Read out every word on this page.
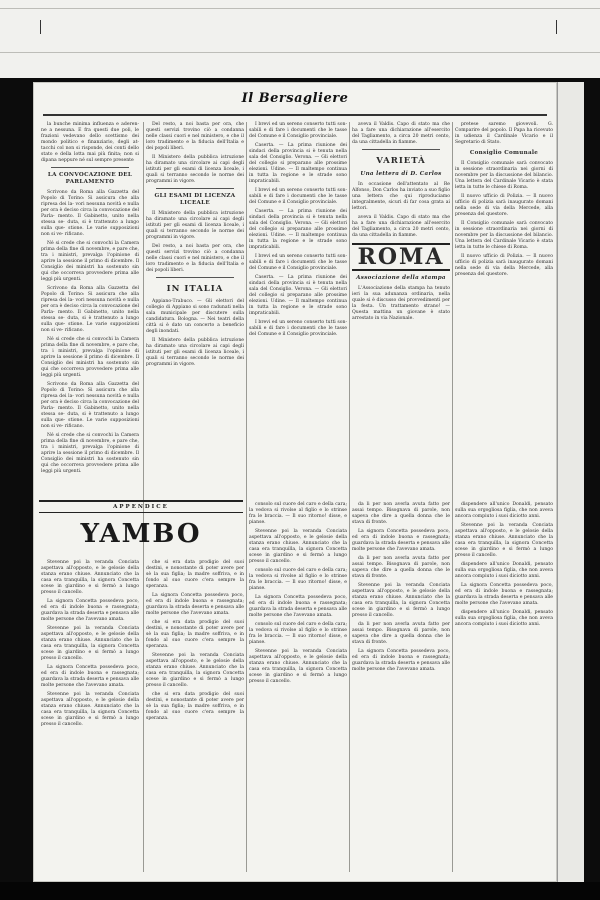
Il Bersagliere

la bunche minima influenza e aderen- ne a nessuna. E fra questi due poli, le frazioni vedevano dello scettismo dei mondo politico e finanziario, degli at- tacchi col non si risponde, dei conti dello stato e della lotta mai più finita; non si dipana neppure né sul sempre presente

LA CONVOCAZIONE DEL PARLAMENTO

Scrivono da Roma alla Gazzetta del Popolo di Torino: Si assicura che alla ripresa dei la- vori nessuna novità e nulla per ora è deciso circa la convocazione del Parla- mento. Il Gabinetto, unito nella stessa se- duta, si è trattenuto a lungo sulla que- stione. Le varie supposizioni non si ve- rificano.

Né si crede che si convochi la Camera prima della fine di novembre, e pare che, tra i ministri, prevalga l'opinione di aprire la sessione il primo di dicembre. Il Consiglio dei ministri ha sostenuto sin qui che occorreva provvedere prima alle leggi più urgenti.

Scrivono da Roma alla Gazzetta del Popolo di Torino: Si assicura che alla ripresa dei la- vori nessuna novità e nulla per ora è deciso circa la convocazione del Parla- mento. Il Gabinetto, unito nella stessa se- duta, si è trattenuto a lungo sulla que- stione. Le varie supposizioni non si ve- rificano.

Né si crede che si convochi la Camera prima della fine di novembre, e pare che, tra i ministri, prevalga l'opinione di aprire la sessione il primo di dicembre. Il Consiglio dei ministri ha sostenuto sin qui che occorreva provvedere prima alle leggi più urgenti.

Scrivono da Roma alla Gazzetta del Popolo di Torino: Si assicura che alla ripresa dei la- vori nessuna novità e nulla per ora è deciso circa la convocazione del Parla- mento. Il Gabinetto, unito nella stessa se- duta, si è trattenuto a lungo sulla que- stione. Le varie supposizioni non si ve- rificano.

Né si crede che si convochi la Camera prima della fine di novembre, e pare che, tra i ministri, prevalga l'opinione di aprire la sessione il primo di dicembre. Il Consiglio dei ministri ha sostenuto sin qui che occorreva provvedere prima alle leggi più urgenti.

Del resto, a noi basta per ora, che questi servizi trovino ciò a condanna nelle classi cuori e nel ministero, e che il loro tradimento e la fiducia dell'Italia e dei popoli liberi.

Il Ministero della pubblica istruzione ha diramato una circolare ai capi degli istituti per gli esami di licenza liceale, i quali si terranno secondo le norme dei programmi in vigore.

GLI ESAMI DI LICENZA LICEALE

Il Ministero della pubblica istruzione ha diramato una circolare ai capi degli istituti per gli esami di licenza liceale, i quali si terranno secondo le norme dei programmi in vigore.

Del resto, a noi basta per ora, che questi servizi trovino ciò a condanna nelle classi cuori e nel ministero, e che il loro tradimento e la fiducia dell'Italia e dei popoli liberi.

IN ITALIA

Appiano-Trabuco. — Gli elettori del collegio di Appiano si sono radunati nella sala municipale per discutere sulla candidatura. Bologna. — Nei teatri della città si è dato un concerto a beneficio degli inondati.

Il Ministero della pubblica istruzione ha diramato una circolare ai capi degli istituti per gli esami di licenza liceale, i quali si terranno secondo le norme dei programmi in vigore.

I brevi ed un sereno conserto tutti son- sabili e di fare i documenti che le tasse del Comune e il Consiglio provinciale.

Caserta. — La prima riunione dei sindaci della provincia si è tenuta nella sala del Consiglio. Verona. — Gli elettori del collegio si preparano alle prossime elezioni. Udine. — Il maltempo continua in tutta la regione e le strade sono impraticabili.

I brevi ed un sereno conserto tutti son- sabili e di fare i documenti che le tasse del Comune e il Consiglio provinciale.

Caserta. — La prima riunione dei sindaci della provincia si è tenuta nella sala del Consiglio. Verona. — Gli elettori del collegio si preparano alle prossime elezioni. Udine. — Il maltempo continua in tutta la regione e le strade sono impraticabili.

I brevi ed un sereno conserto tutti son- sabili e di fare i documenti che le tasse del Comune e il Consiglio provinciale.

Caserta. — La prima riunione dei sindaci della provincia si è tenuta nella sala del Consiglio. Verona. — Gli elettori del collegio si preparano alle prossime elezioni. Udine. — Il maltempo continua in tutta la regione e le strade sono impraticabili.

I brevi ed un sereno conserto tutti son- sabili e di fare i documenti che le tasse del Comune e il Consiglio provinciale.

aveva il Valdis. Capo di stato ma che ha a fare una dichiarazione all'esercito del Tagliamento, a circa 20 metri cento, da una cittadella in fiamme.

VARIETÀ
Una lettera di D. Carlos

In occasione dell'attentato al Re Alfonso, Don Carlos ha inviato a suo figlio una lettera che qui riproduciamo integralmente, sicuri di far cosa grata ai lettori.

aveva il Valdis. Capo di stato ma che ha a fare una dichiarazione all'esercito del Tagliamento, a circa 20 metri cento, da una cittadella in fiamme.

ROMA
Associazione della stampa

L'Associazione della stampa ha tenuto ieri la sua adunanza ordinaria, nella quale si è discusso dei provvedimenti per la festa. Un trattamento strano! — Questa mattina un giovane è stato arrestato in via Nazionale.

pretese saremo giovevoli. G. Comparire del popolo. Il Papa ha ricevuto in udienza il Cardinale Vicario e il Segretario di Stato.

Consiglio Comunale

Il Consiglio comunale sarà convocato in sessione straordinaria nei giorni di novembre per la discussione del bilancio. Una lettera del Cardinale Vicario è stata letta in tutte le chiese di Roma.

Il nuovo ufficio di Polizia. — Il nuovo ufficio di polizia sarà inaugurato domani nella sede di via della Mercede, alla presenza del questore.

Il Consiglio comunale sarà convocato in sessione straordinaria nei giorni di novembre per la discussione del bilancio. Una lettera del Cardinale Vicario è stata letta in tutte le chiese di Roma.

Il nuovo ufficio di Polizia. — Il nuovo ufficio di polizia sarà inaugurato domani nella sede di via della Mercede, alla presenza del questore.

APPENDICE
YAMBO

Stevenne poi la veranda Conciata aspettava all'opposto, e le gelosie della stanza erano chiuse. Annunciato che la casa era tranquilla, la signora Concetta scese in giardino e si fermò a lungo presso il cancello.

La signora Concetta possedeva poco, ed era di indole buona e rassegnata; guardava la strada deserta e pensava alle molte persone che l'avevano amata.

Stevenne poi la veranda Conciata aspettava all'opposto, e le gelosie della stanza erano chiuse. Annunciato che la casa era tranquilla, la signora Concetta scese in giardino e si fermò a lungo presso il cancello.

La signora Concetta possedeva poco, ed era di indole buona e rassegnata; guardava la strada deserta e pensava alle molte persone che l'avevano amata.

Stevenne poi la veranda Conciata aspettava all'opposto, e le gelosie della stanza erano chiuse. Annunciato che la casa era tranquilla, la signora Concetta scese in giardino e si fermò a lungo presso il cancello.

che si era data prodigio del suoi destini, e nonostante di poter avere per sè la sua figlia; la madre soffriva, e in fondo al suo cuore c'era sempre la speranza.

La signora Concetta possedeva poco, ed era di indole buona e rassegnata; guardava la strada deserta e pensava alle molte persone che l'avevano amata.

che si era data prodigio del suoi destini, e nonostante di poter avere per sè la sua figlia; la madre soffriva, e in fondo al suo cuore c'era sempre la speranza.

Stevenne poi la veranda Conciata aspettava all'opposto, e le gelosie della stanza erano chiuse. Annunciato che la casa era tranquilla, la signora Concetta scese in giardino e si fermò a lungo presso il cancello.

che si era data prodigio del suoi destini, e nonostante di poter avere per sè la sua figlia; la madre soffriva, e in fondo al suo cuore c'era sempre la speranza.

consolo sul cuore del caro e della cara; la vedova si rivolse al figlio e lo strinse fra le braccia. — Il suo ritorno! disse, e pianse.

Stevenne poi la veranda Conciata aspettava all'opposto, e le gelosie della stanza erano chiuse. Annunciato che la casa era tranquilla, la signora Concetta scese in giardino e si fermò a lungo presso il cancello.

consolo sul cuore del caro e della cara; la vedova si rivolse al figlio e lo strinse fra le braccia. — Il suo ritorno! disse, e pianse.

La signora Concetta possedeva poco, ed era di indole buona e rassegnata; guardava la strada deserta e pensava alle molte persone che l'avevano amata.

consolo sul cuore del caro e della cara; la vedova si rivolse al figlio e lo strinse fra le braccia. — Il suo ritorno! disse, e pianse.

Stevenne poi la veranda Conciata aspettava all'opposto, e le gelosie della stanza erano chiuse. Annunciato che la casa era tranquilla, la signora Concetta scese in giardino e si fermò a lungo presso il cancello.

da li per non averla avuta fatto per assai tempo. Bisognava di parole, non sapeva che dire a quella donna che le stava di fronte.

La signora Concetta possedeva poco, ed era di indole buona e rassegnata; guardava la strada deserta e pensava alle molte persone che l'avevano amata.

da li per non averla avuta fatto per assai tempo. Bisognava di parole, non sapeva che dire a quella donna che le stava di fronte.

Stevenne poi la veranda Conciata aspettava all'opposto, e le gelosie della stanza erano chiuse. Annunciato che la casa era tranquilla, la signora Concetta scese in giardino e si fermò a lungo presso il cancello.

da li per non averla avuta fatto per assai tempo. Bisognava di parole, non sapeva che dire a quella donna che le stava di fronte.

La signora Concetta possedeva poco, ed era di indole buona e rassegnata; guardava la strada deserta e pensava alle molte persone che l'avevano amata.

dispendere all'unico Donaldi, pensato sulla sua orgogliosa figlia, che non aveva ancora compiuto i suoi diciotto anni.

Stevenne poi la veranda Conciata aspettava all'opposto, e le gelosie della stanza erano chiuse. Annunciato che la casa era tranquilla, la signora Concetta scese in giardino e si fermò a lungo presso il cancello.

dispendere all'unico Donaldi, pensato sulla sua orgogliosa figlia, che non aveva ancora compiuto i suoi diciotto anni.

La signora Concetta possedeva poco, ed era di indole buona e rassegnata; guardava la strada deserta e pensava alle molte persone che l'avevano amata.

dispendere all'unico Donaldi, pensato sulla sua orgogliosa figlia, che non aveva ancora compiuto i suoi diciotto anni.
